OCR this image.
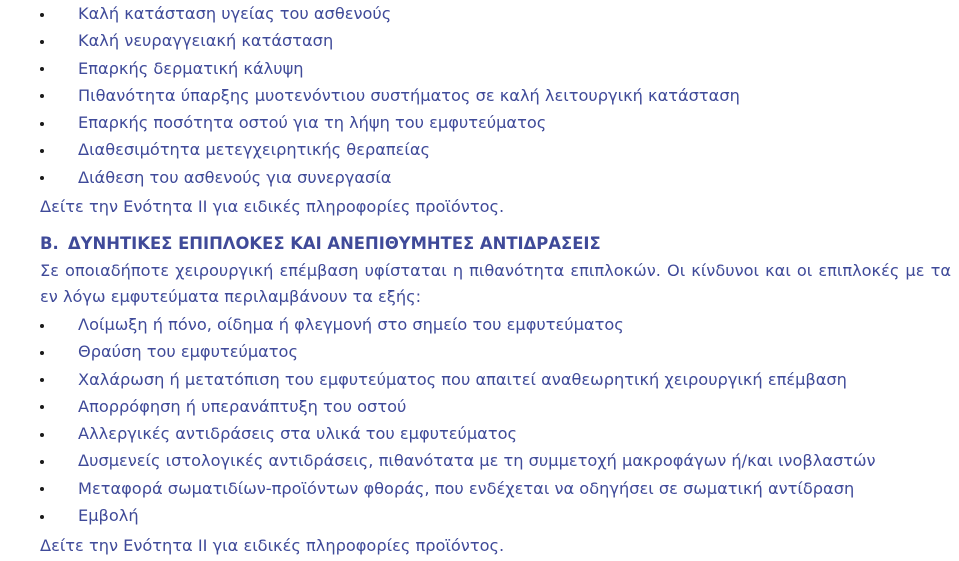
Καλή κατάσταση υγείας του ασθενούς
Καλή νευραγγειακή κατάσταση
Επαρκής δερματική κάλυψη
Πιθανότητα ύπαρξης μυοτενόντιου συστήματος σε καλή λειτουργική κατάσταση
Επαρκής ποσότητα οστού για τη λήψη του εμφυτεύματος
Διαθεσιμότητα μετεγχειρητικής θεραπείας
Διάθεση του ασθενούς για συνεργασία
Δείτε την Ενότητα II για ειδικές πληροφορίες προϊόντος.
B. ΔΥΝΗΤΙΚΕΣ ΕΠΙΠΛΟΚΕΣ ΚΑΙ ΑΝΕΠΙΘΥΜΗΤΕΣ ΑΝΤΙΔΡΑΣΕΙΣ

Σε οποιαδήποτε χειρουργική επέμβαση υφίσταται η πιθανότητα επιπλοκών. Οι κίνδυνοι και οι επιπλοκές με τα εν λόγω εμφυτεύματα περιλαμβάνουν τα εξής:

Λοίμωξη ή πόνο, οίδημα ή φλεγμονή στο σημείο του εμφυτεύματος
Θραύση του εμφυτεύματος
Χαλάρωση ή μετατόπιση του εμφυτεύματος που απαιτεί αναθεωρητική χειρουργική επέμβαση
Απορρόφηση ή υπερανάπτυξη του οστού
Αλλεργικές αντιδράσεις στα υλικά του εμφυτεύματος
Δυσμενείς ιστολογικές αντιδράσεις, πιθανότατα με τη συμμετοχή μακροφάγων ή/και ινοβλαστών
Μεταφορά σωματιδίων-προϊόντων φθοράς, που ενδέχεται να οδηγήσει σε σωματική αντίδραση
Εμβολή
Δείτε την Ενότητα II για ειδικές πληροφορίες προϊόντος.
